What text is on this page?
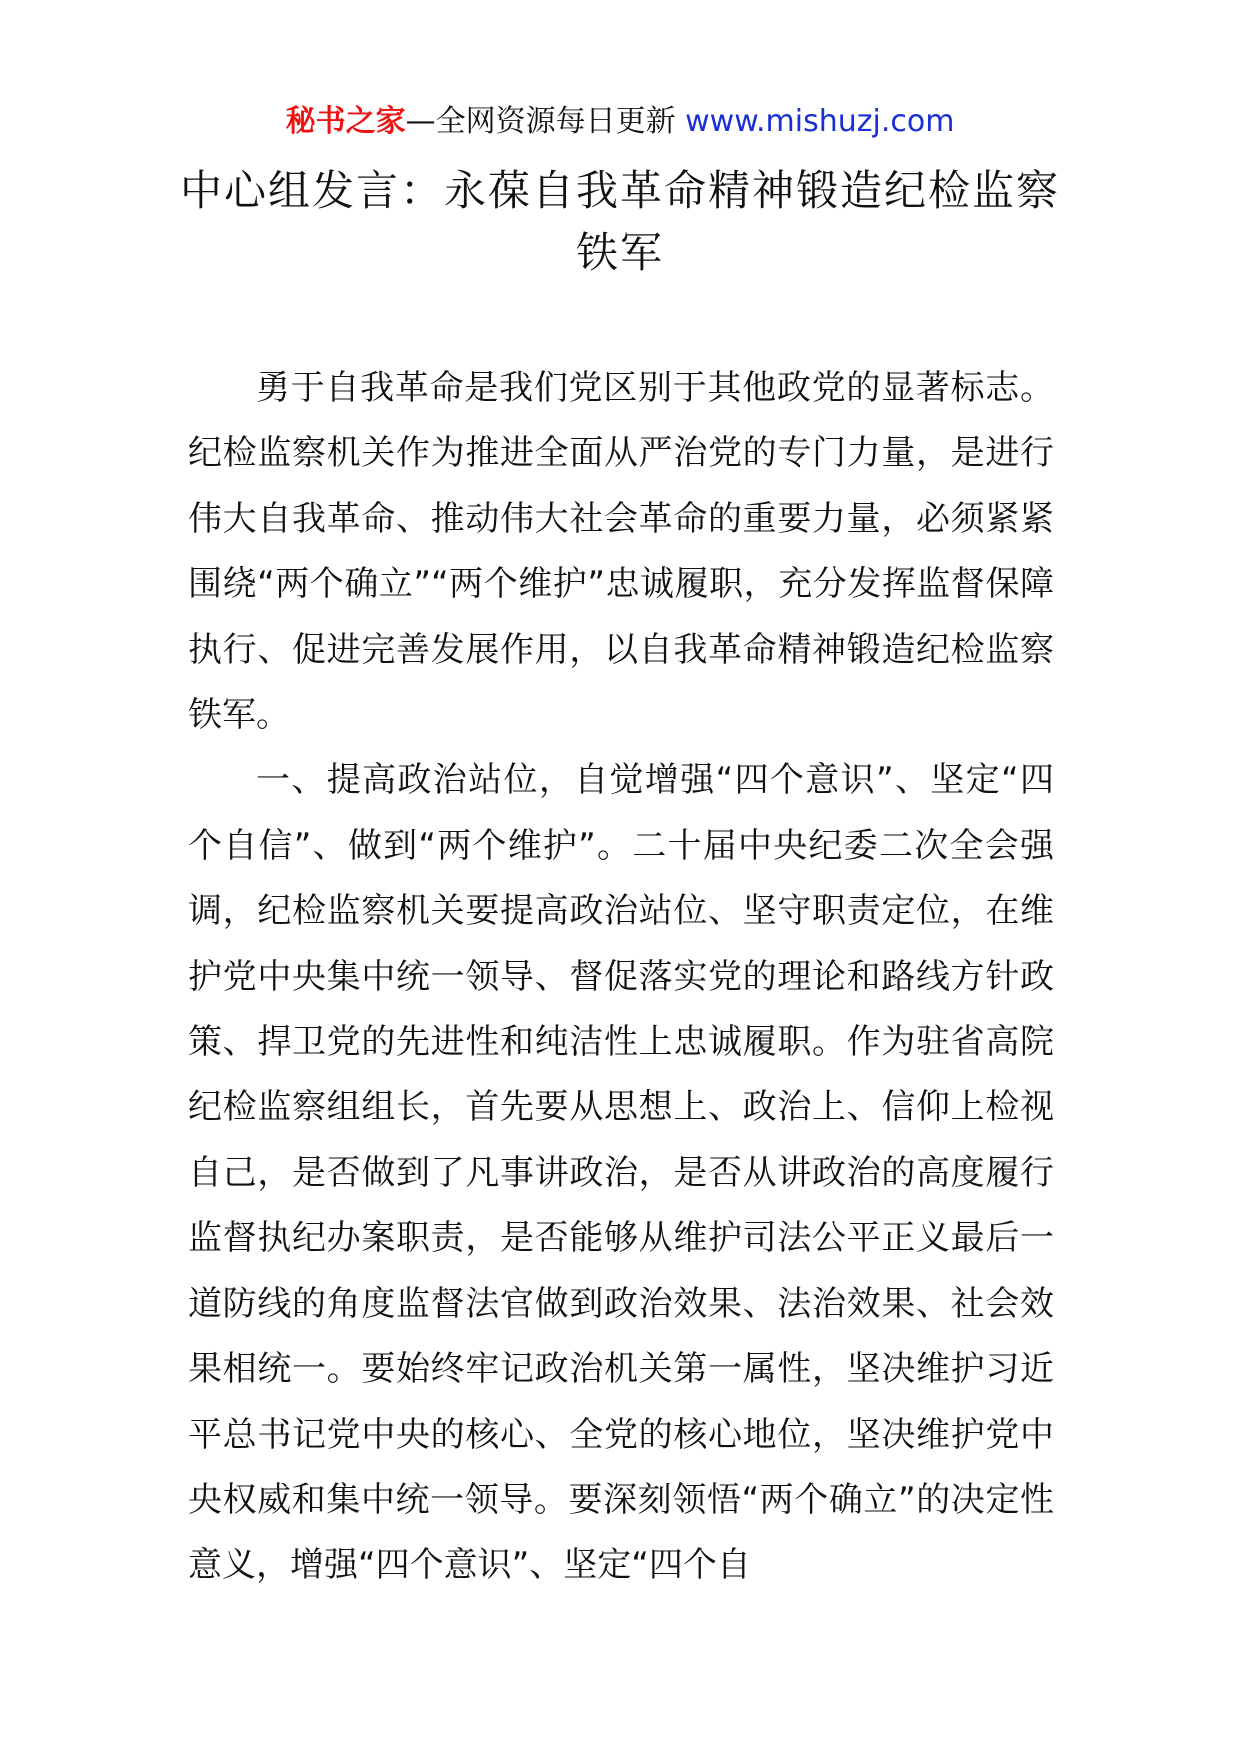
秘书之家—全网资源每日更新 www.mishuzj.com
中心组发言：永葆自我革命精神锻造纪检监察铁军

勇于自我革命是我们党区别于其他政党的显著标志。纪检监察机关作为推进全面从严治党的专门力量，是进行伟大自我革命、推动伟大社会革命的重要力量，必须紧紧围绕“两个确立”“两个维护”忠诚履职，充分发挥监督保障执行、促进完善发展作用，以自我革命精神锻造纪检监察铁军。

一、提高政治站位，自觉增强“四个意识”、坚定“四个自信”、做到“两个维护”。二十届中央纪委二次全会强调，纪检监察机关要提高政治站位、坚守职责定位，在维护党中央集中统一领导、督促落实党的理论和路线方针政策、捍卫党的先进性和纯洁性上忠诚履职。作为驻省高院纪检监察组组长，首先要从思想上、政治上、信仰上检视自己，是否做到了凡事讲政治，是否从讲政治的高度履行监督执纪办案职责，是否能够从维护司法公平正义最后一道防线的角度监督法官做到政治效果、法治效果、社会效果相统一。要始终牢记政治机关第一属性，坚决维护习近平总书记党中央的核心、全党的核心地位，坚决维护党中央权威和集中统一领导。要深刻领悟“两个确立”的决定性意义，增强“四个意识”、坚定“四个自
